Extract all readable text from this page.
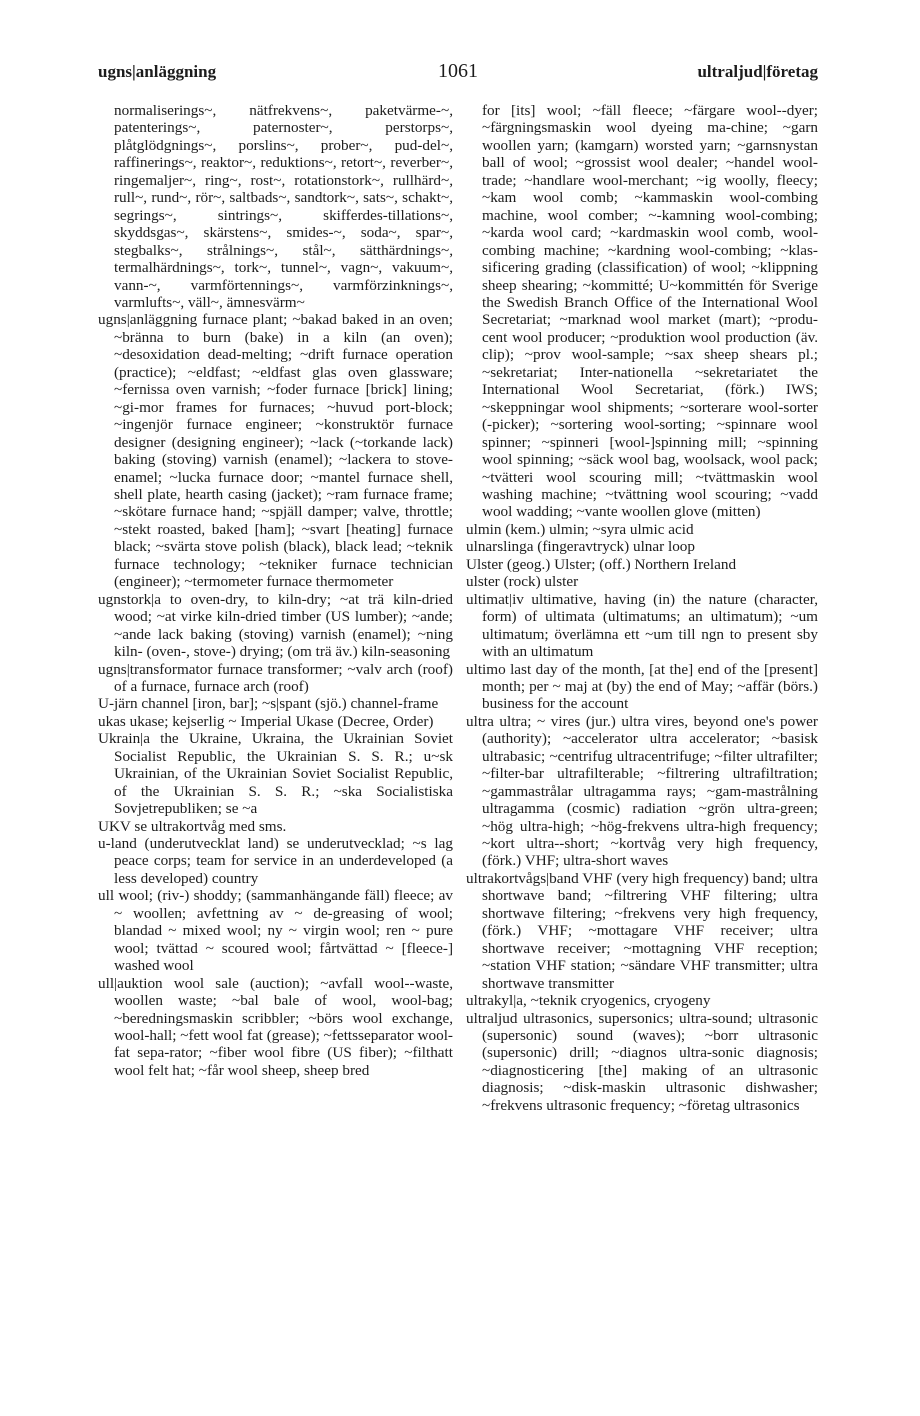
ugns|anläggning	1061	ultraljud|företag

normaliserings~, nätfrekvens~, paketvärme-~, patenterings~, paternoster~, perstorps~, plåtglödgnings~, porslins~, prober~, pud-del~, raffinerings~, reaktor~, reduktions~, retort~, reverber~, ringemaljer~, ring~, rost~, rotationstork~, rullhärd~, rull~, rund~, rör~, saltbads~, sandtork~, sats~, schakt~, segrings~, sintrings~, skifferdes-tillations~, skyddsgas~, skärstens~, smides-~, soda~, spar~, stegbalks~, strålnings~, stål~, sätthärdnings~, termalhärdnings~, tork~, tunnel~, vagn~, vakuum~, vann-~, varmförtennings~, varmförzinknings~, varmlufts~, väll~, ämnesvärm~

ugns|anläggning furnace plant; ~bakad baked in an oven; ~bränna to burn (bake) in a kiln (an oven); ~desoxidation dead-melting; ~drift furnace operation (practice); ~eldfast; ~eldfast glas oven glassware; ~fernissa oven varnish; ~foder furnace [brick] lining; ~gi-mor frames for furnaces; ~huvud port-block; ~ingenjör furnace engineer; ~konstruktör furnace designer (designing engineer); ~lack (~torkande lack) baking (stoving) varnish (enamel); ~lackera to stove-enamel; ~lucka furnace door; ~mantel furnace shell, shell plate, hearth casing (jacket); ~ram furnace frame; ~skötare furnace hand; ~spjäll damper; valve, throttle; ~stekt roasted, baked [ham]; ~svart [heating] furnace black; ~svärta stove polish (black), black lead; ~teknik furnace technology; ~tekniker furnace technician (engineer); ~termometer furnace thermometer

ugnstork|a to oven-dry, to kiln-dry; ~at trä kiln-dried wood; ~at virke kiln-dried timber (US lumber); ~ande; ~ande lack baking (stoving) varnish (enamel); ~ning kiln- (oven-, stove-) drying; (om trä äv.) kiln-seasoning

ugns|transformator furnace transformer; ~valv arch (roof) of a furnace, furnace arch (roof)

U-järn channel [iron, bar]; ~s|spant (sjö.) channel-frame

ukas ukase; kejserlig ~ Imperial Ukase (Decree, Order)

Ukrain|a the Ukraine, Ukraina, the Ukrainian Soviet Socialist Republic, the Ukrainian S. S. R.; u~sk Ukrainian, of the Ukrainian Soviet Socialist Republic, of the Ukrainian S. S. R.; ~ska Socialistiska Sovjetrepubliken; se ~a

UKV se ultrakortvåg med sms.

u-land (underutvecklat land) se underutvecklad; ~s lag peace corps; team for service in an underdeveloped (a less developed) country

ull wool; (riv-) shoddy; (sammanhängande fäll) fleece; av ~ woollen; avfettning av ~ de-greasing of wool; blandad ~ mixed wool; ny ~ virgin wool; ren ~ pure wool; tvättad ~ scoured wool; fårtvättad ~ [fleece-] washed wool

ull|auktion wool sale (auction); ~avfall wool--waste, woollen waste; ~bal bale of wool, wool-bag; ~beredningsmaskin scribbler; ~börs wool exchange, wool-hall; ~fett wool fat (grease); ~fettsseparator wool-fat sepa-rator; ~fiber wool fibre (US fiber); ~filthatt wool felt hat; ~får wool sheep, sheep bred

for [its] wool; ~fäll fleece; ~färgare wool--dyer; ~färgningsmaskin wool dyeing ma-chine; ~garn woollen yarn; (kamgarn) worsted yarn; ~garnsnystan ball of wool; ~grossist wool dealer; ~handel wool-trade; ~handlare wool-merchant; ~ig woolly, fleecy; ~kam wool comb; ~kammaskin wool-combing machine, wool comber; ~-kamning wool-combing; ~karda wool card; ~kardmaskin wool comb, wool-combing machine; ~kardning wool-combing; ~klas-sificering grading (classification) of wool; ~klippning sheep shearing; ~kommitté; U~kommittén för Sverige the Swedish Branch Office of the International Wool Secretariat; ~marknad wool market (mart); ~produ-cent wool producer; ~produktion wool production (äv. clip); ~prov wool-sample; ~sax sheep shears pl.; ~sekretariat; Inter-nationella ~sekretariatet the International Wool Secretariat, (förk.) IWS; ~skeppningar wool shipments; ~sorterare wool-sorter (-picker); ~sortering wool-sorting; ~spinnare wool spinner; ~spinneri [wool-]spinning mill; ~spinning wool spinning; ~säck wool bag, woolsack, wool pack; ~tvätteri wool scouring mill; ~tvättmaskin wool washing machine; ~tvättning wool scouring; ~vadd wool wadding; ~vante woollen glove (mitten)

ulmin (kem.) ulmin; ~syra ulmic acid

ulnarslinga (fingeravtryck) ulnar loop

Ulster (geog.) Ulster; (off.) Northern Ireland

ulster (rock) ulster

ultimat|iv ultimative, having (in) the nature (character, form) of ultimata (ultimatums; an ultimatum); ~um ultimatum; överlämna ett ~um till ngn to present sby with an ultimatum

ultimo last day of the month, [at the] end of the [present] month; per ~ maj at (by) the end of May; ~affär (börs.) business for the account

ultra ultra; ~ vires (jur.) ultra vires, beyond one's power (authority); ~accelerator ultra accelerator; ~basisk ultrabasic; ~centrifug ultracentrifuge; ~filter ultrafilter; ~filter-bar ultrafilterable; ~filtrering ultrafiltration; ~gammastrålar ultragamma rays; ~gam-mastrålning ultragamma (cosmic) radiation ~grön ultra-green; ~hög ultra-high; ~hög-frekvens ultra-high frequency; ~kort ultra--short; ~kortvåg very high frequency, (förk.) VHF; ultra-short waves

ultrakortvågs|band VHF (very high frequency) band; ultra shortwave band; ~filtrering VHF filtering; ultra shortwave filtering; ~frekvens very high frequency, (förk.) VHF; ~mottagare VHF receiver; ultra shortwave receiver; ~mottagning VHF reception; ~station VHF station; ~sändare VHF transmitter; ultra shortwave transmitter

ultrakyl|a, ~teknik cryogenics, cryogeny

ultraljud ultrasonics, supersonics; ultra-sound; ultrasonic (supersonic) sound (waves); ~borr ultrasonic (supersonic) drill; ~diagnos ultra-sonic diagnosis; ~diagnosticering [the] making of an ultrasonic diagnosis; ~disk-maskin ultrasonic dishwasher; ~frekvens ultrasonic frequency; ~företag ultrasonics
